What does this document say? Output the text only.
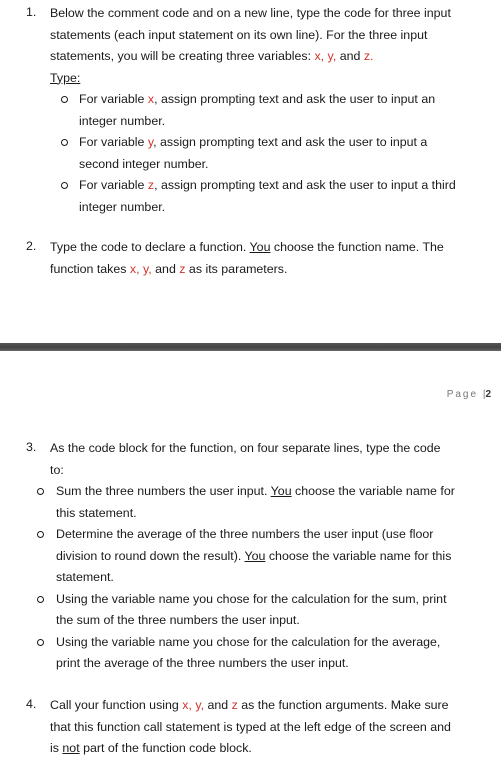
1. Below the comment code and on a new line, type the code for three input
statements (each input statement on its own line). For the three input
statements, you will be creating three variables: x, y, and z.
Type:
For variable x, assign prompting text and ask the user to input an
integer number.
For variable y, assign prompting text and ask the user to input a
second integer number.
For variable z, assign prompting text and ask the user to input a third
integer number.
2. Type the code to declare a function. You choose the function name. The
function takes x, y, and z as its parameters.
Page |2
3. As the code block for the function, on four separate lines, type the code
to:
Sum the three numbers the user input. You choose the variable name for
this statement.
Determine the average of the three numbers the user input (use floor
division to round down the result). You choose the variable name for this
statement.
Using the variable name you chose for the calculation for the sum, print
the sum of the three numbers the user input.
Using the variable name you chose for the calculation for the average,
print the average of the three numbers the user input.
4. Call your function using x, y, and z as the function arguments. Make sure
that this function call statement is typed at the left edge of the screen and
is not part of the function code block.
